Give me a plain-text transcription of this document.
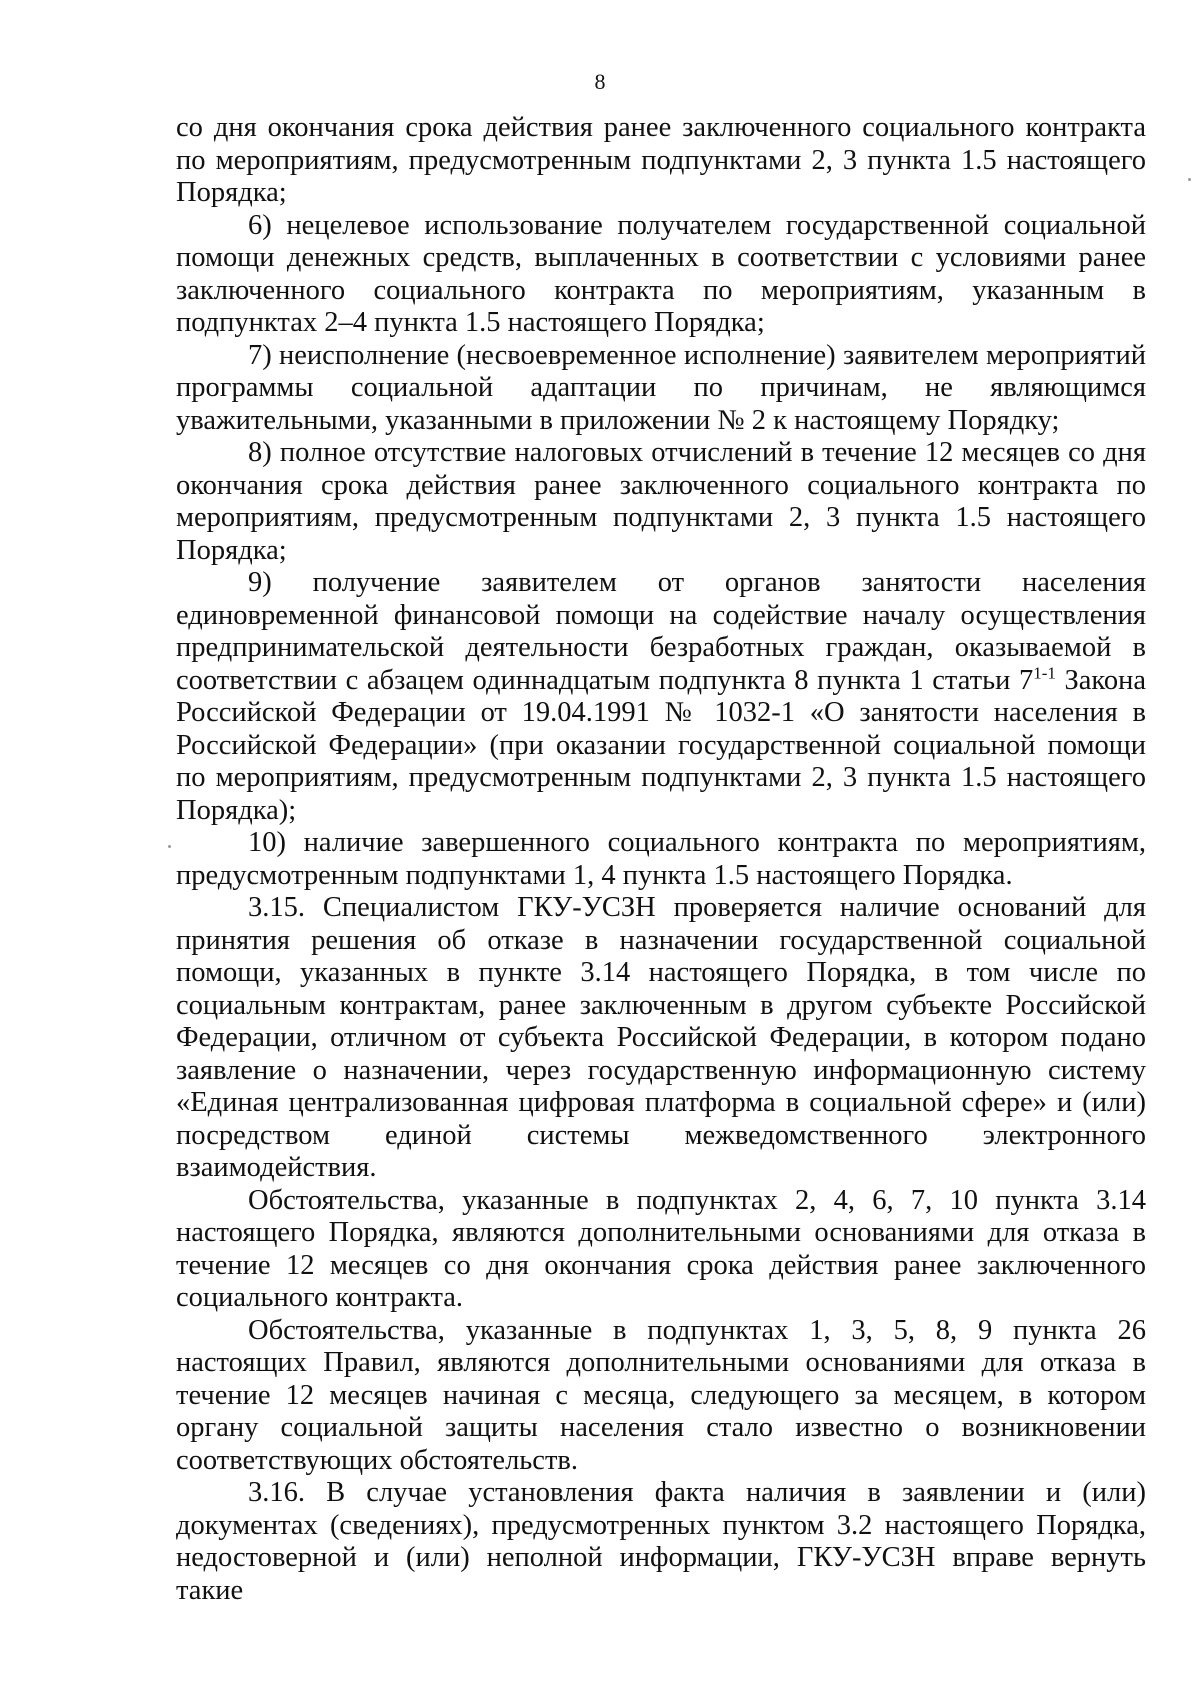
8

со дня окончания срока действия ранее заключенного социального контракта по мероприятиям, предусмотренным подпунктами 2, 3 пункта 1.5 настоящего Порядка;

6) нецелевое использование получателем государственной социальной помощи денежных средств, выплаченных в соответствии с условиями ранее заключенного социального контракта по мероприятиям, указанным в подпунктах 2–4 пункта 1.5 настоящего Порядка;

7) неисполнение (несвоевременное исполнение) заявителем мероприятий программы социальной адаптации по причинам, не являющимся уважительными, указанными в приложении № 2 к настоящему Порядку;

8) полное отсутствие налоговых отчислений в течение 12 месяцев со дня окончания срока действия ранее заключенного социального контракта по мероприятиям, предусмотренным подпунктами 2, 3 пункта 1.5 настоящего Порядка;

9) получение заявителем от органов занятости населения единовременной финансовой помощи на содействие началу осуществления предпринимательской деятельности безработных граждан, оказываемой в соответствии с абзацем одиннадцатым подпункта 8 пункта 1 статьи 7$^{1-1}$ Закона Российской Федерации от 19.04.1991 № 1032-1 «О занятости населения в Российской Федерации» (при оказании государственной социальной помощи по мероприятиям, предусмотренным подпунктами 2, 3 пункта 1.5 настоящего Порядка);

10) наличие завершенного социального контракта по мероприятиям, предусмотренным подпунктами 1, 4 пункта 1.5 настоящего Порядка.

3.15. Специалистом ГКУ-УСЗН проверяется наличие оснований для принятия решения об отказе в назначении государственной социальной помощи, указанных в пункте 3.14 настоящего Порядка, в том числе по социальным контрактам, ранее заключенным в другом субъекте Российской Федерации, отличном от субъекта Российской Федерации, в котором подано заявление о назначении, через государственную информационную систему «Единая централизованная цифровая платформа в социальной сфере» и (или) посредством единой системы межведомственного электронного взаимодействия.

Обстоятельства, указанные в подпунктах 2, 4, 6, 7, 10 пункта 3.14 настоящего Порядка, являются дополнительными основаниями для отказа в течение 12 месяцев со дня окончания срока действия ранее заключенного социального контракта.

Обстоятельства, указанные в подпунктах 1, 3, 5, 8, 9 пункта 26 настоящих Правил, являются дополнительными основаниями для отказа в течение 12 месяцев начиная с месяца, следующего за месяцем, в котором органу социальной защиты населения стало известно о возникновении соответствующих обстоятельств.

3.16. В случае установления факта наличия в заявлении и (или) документах (сведениях), предусмотренных пунктом 3.2 настоящего Порядка, недостоверной и (или) неполной информации, ГКУ-УСЗН вправе вернуть такие
